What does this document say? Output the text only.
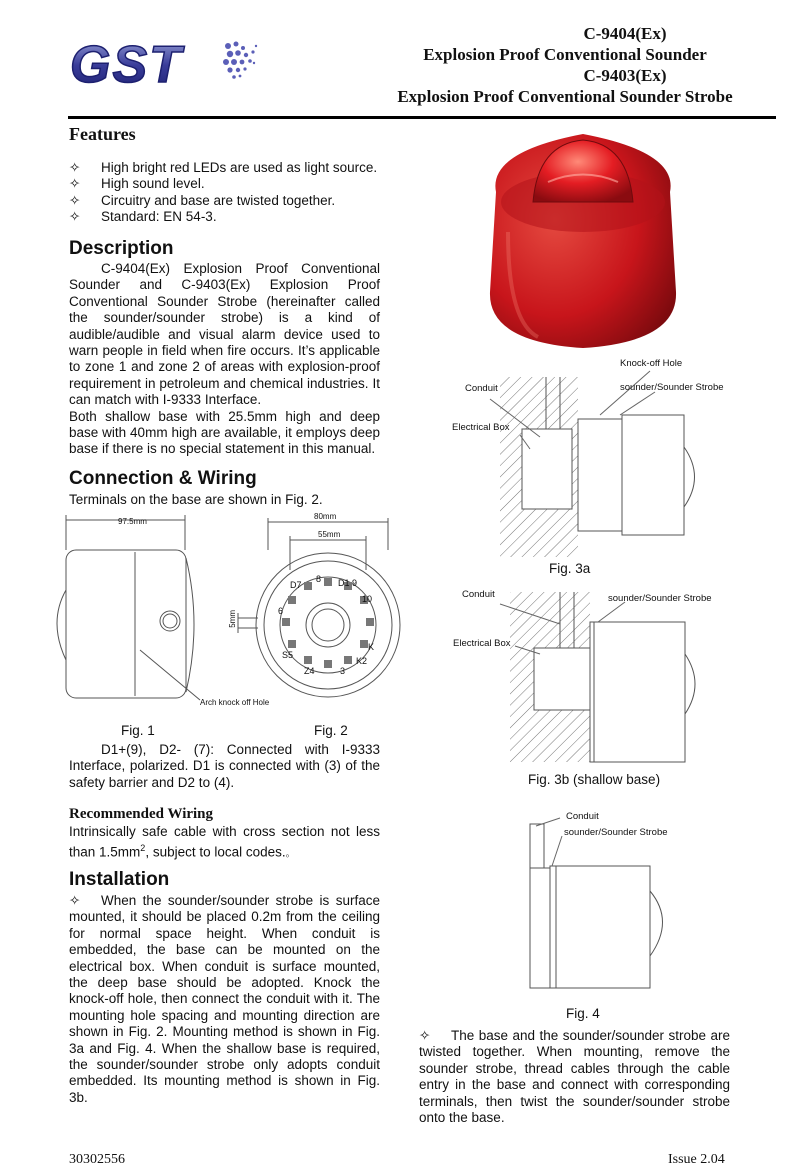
GST
C-9404(Ex)
Explosion Proof Conventional Sounder
C-9403(Ex)
Explosion Proof Conventional Sounder Strobe
Features
✧ High bright red LEDs are used as light source.
✧ High sound level.
✧ Circuitry and base are twisted together.
✧ Standard: EN 54-3.
Description
C-9404(Ex) Explosion Proof Conventional Sounder and C-9403(Ex) Explosion Proof Conventional Sounder Strobe (hereinafter called the sounder/sounder strobe) is a kind of audible/audible and visual alarm device used to warn people in field when fire occurs. It’s applicable to zone 1 and zone 2 of areas with explosion-proof requirement in petroleum and chemical industries. It can match with I-9333 Interface.
Both shallow base with 25.5mm high and deep base with 40mm high are available, it employs deep base if there is no special statement in this manual.
Connection & Wiring
Terminals on the base are shown in Fig. 2.
97.5mm
Arch knock off Hole
80mm
55mm
5mm
D7
8 D1 9
10
K
K2
3
Z4
S5
6
Fig. 1	Fig. 2
D1+(9), D2- (7): Connected with I-9333 Interface, polarized. D1 is connected with (3) of the safety barrier and D2 to (4).
Recommended Wiring
Intrinsically safe cable with cross section not less than $1.5mm^2$, subject to local codes.。
Installation
✧ When the sounder/sounder strobe is surface mounted, it should be placed 0.2m from the ceiling for normal space height. When conduit is embedded, the base can be mounted on the electrical box. When conduit is surface mounted, the deep base should be adopted. Knock the knock-off hole, then connect the conduit with it. The mounting hole spacing and mounting direction are shown in Fig. 2. Mounting method is shown in Fig. 3a and Fig. 4. When the shallow base is required, the sounder/sounder strobe only adopts conduit embedded. Its mounting method is shown in Fig. 3b.
Knock-off Hole
Conduit	sounder/Sounder Strobe
Electrical Box
Fig. 3a
Conduit	sounder/Sounder Strobe
Electrical Box
Fig. 3b (shallow base)
Conduit
sounder/Sounder Strobe
Fig. 4
✧ The base and the sounder/sounder strobe are twisted together. When mounting, remove the sounder strobe, thread cables through the cable entry in the base and connect with corresponding terminals, then twist the sounder/sounder strobe onto the base.
30302556	Issue 2.04
